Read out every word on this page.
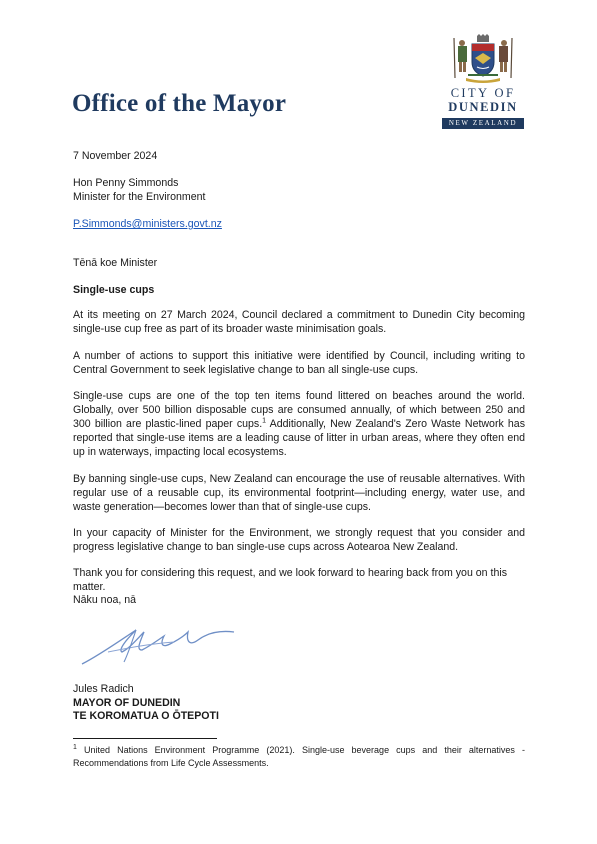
Office of the Mayor	CITY OF
DUNEDIN
NEW ZEALAND
7 November 2024
Hon Penny Simmonds
Minister for the Environment
P.Simmonds@ministers.govt.nz
Tēnā koe Minister
Single-use cups
At its meeting on 27 March 2024, Council declared a commitment to Dunedin City becoming single-use cup free as part of its broader waste minimisation goals.
A number of actions to support this initiative were identified by Council, including writing to Central Government to seek legislative change to ban all single-use cups.
Single-use cups are one of the top ten items found littered on beaches around the world. Globally, over 500 billion disposable cups are consumed annually, of which between 250 and 300 billion are plastic-lined paper cups.$^1$ Additionally, New Zealand's Zero Waste Network has reported that single-use items are a leading cause of litter in urban areas, where they often end up in waterways, impacting local ecosystems.
By banning single-use cups, New Zealand can encourage the use of reusable alternatives. With regular use of a reusable cup, its environmental footprint—including energy, water use, and waste generation—becomes lower than that of single-use cups.
In your capacity of Minister for the Environment, we strongly request that you consider and progress legislative change to ban single-use cups across Aotearoa New Zealand.
Thank you for considering this request, and we look forward to hearing back from you on this matter.
Nāku noa, nā
Jules Radich
MAYOR OF DUNEDIN
TE KOROMATUA O ŌTEPOTI
$^1$ United Nations Environment Programme (2021). Single-use beverage cups and their alternatives - Recommendations from Life Cycle Assessments.
